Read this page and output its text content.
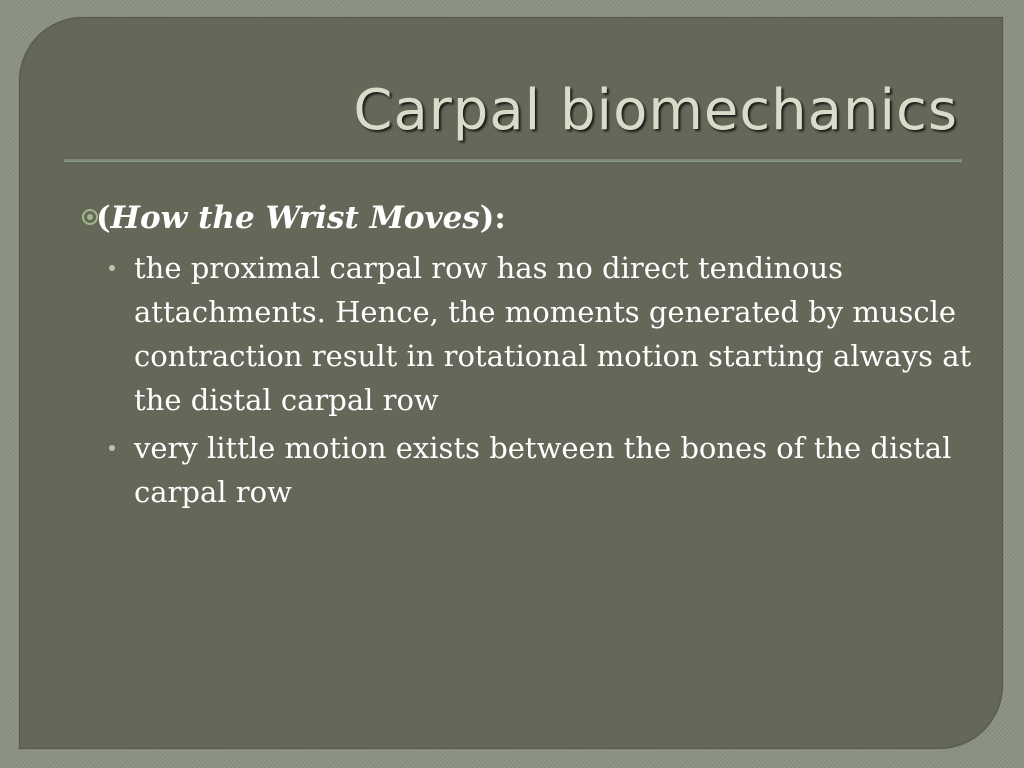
Carpal biomechanics
(How the Wrist Moves):
the proximal carpal row has no direct tendinous attachments. Hence, the moments generated by muscle contraction result in rotational motion starting always at the distal carpal row
very little motion exists between the bones of the distal carpal row
